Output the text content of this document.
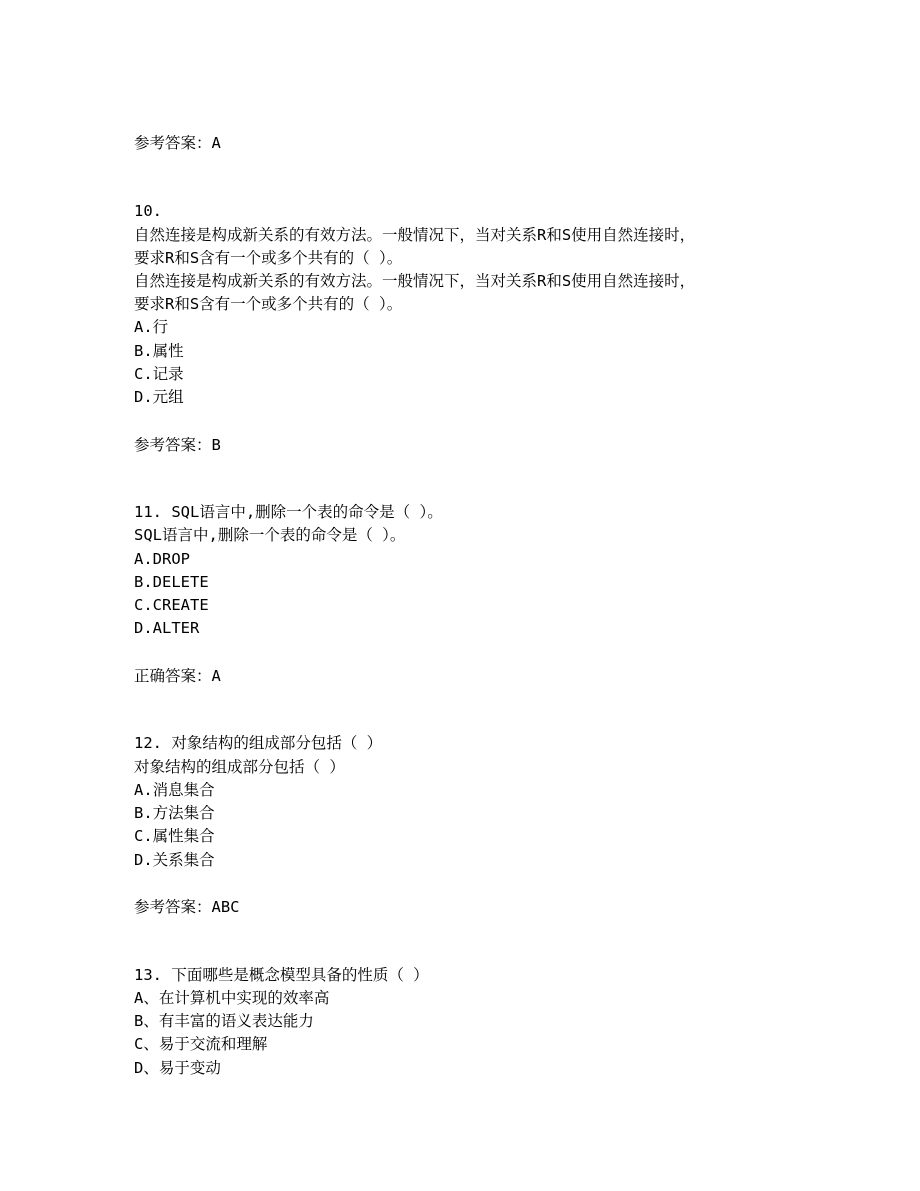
参考答案：A
10.
自然连接是构成新关系的有效方法。一般情况下，当对关系R和S使用自然连接时，
要求R和S含有一个或多个共有的（ ）。
自然连接是构成新关系的有效方法。一般情况下，当对关系R和S使用自然连接时，
要求R和S含有一个或多个共有的（ ）。
A.行
B.属性
C.记录
D.元组
参考答案：B
11. SQL语言中,删除一个表的命令是（ ）。
SQL语言中,删除一个表的命令是（ ）。
A.DROP
B.DELETE
C.CREATE
D.ALTER
正确答案：A
12. 对象结构的组成部分包括（ ）
对象结构的组成部分包括（ ）
A.消息集合
B.方法集合
C.属性集合
D.关系集合
参考答案：ABC
13. 下面哪些是概念模型具备的性质（ ）
A、在计算机中实现的效率高
B、有丰富的语义表达能力
C、易于交流和理解
D、易于变动
